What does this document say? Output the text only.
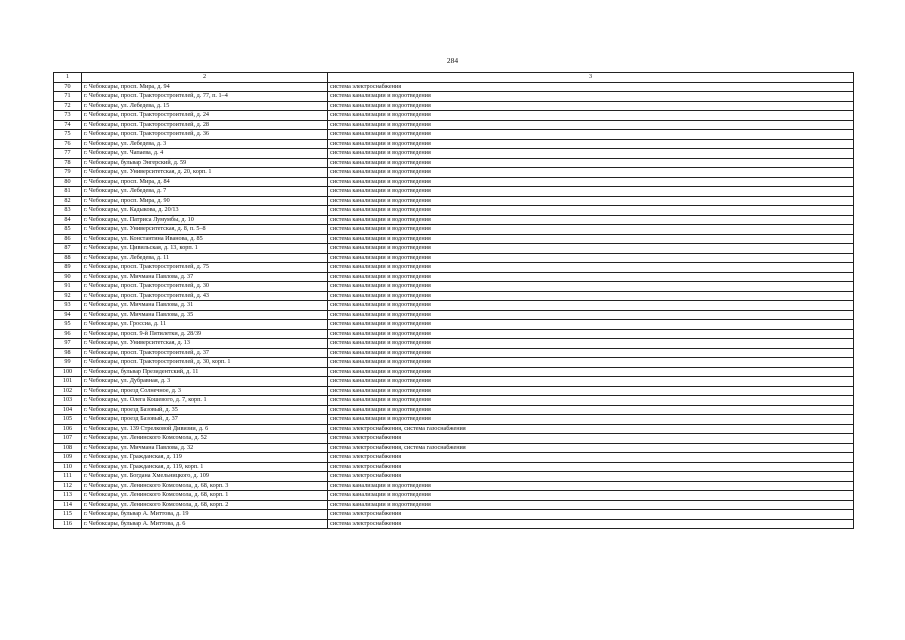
284
1	2	3
70	г. Чебоксары, просп. Мира, д. 94	система электроснабжения
71	г. Чебоксары, просп. Тракторостроителей, д. 77, п. 1–4	система канализации и водоотведения
72	г. Чебоксары, ул. Лебедева, д. 15	система канализации и водоотведения
73	г. Чебоксары, просп. Тракторостроителей, д. 24	система канализации и водоотведения
74	г. Чебоксары, просп. Тракторостроителей, д. 28	система канализации и водоотведения
75	г. Чебоксары, просп. Тракторостроителей, д. 36	система канализации и водоотведения
76	г. Чебоксары, ул. Лебедева, д. 3	система канализации и водоотведения
77	г. Чебоксары, ул. Чапаева, д. 4	система канализации и водоотведения
78	г. Чебоксары, бульвар Энгерский, д. 59	система канализации и водоотведения
79	г. Чебоксары, ул. Университетская, д. 20, корп. 1	система канализации и водоотведения
80	г. Чебоксары, просп. Мира, д. 84	система канализации и водоотведения
81	г. Чебоксары, ул. Лебедева, д. 7	система канализации и водоотведения
82	г. Чебоксары, просп. Мира, д. 90	система канализации и водоотведения
83	г. Чебоксары, ул. Кадыкова, д. 20/13	система канализации и водоотведения
84	г. Чебоксары, ул. Патриса Лумумбы, д. 10	система канализации и водоотведения
85	г. Чебоксары, ул. Университетская, д. 8, п. 5–8	система канализации и водоотведения
86	г. Чебоксары, ул. Константина Иванова, д. 85	система канализации и водоотведения
87	г. Чебоксары, ул. Цивильская, д. 13, корп. 1	система канализации и водоотведения
88	г. Чебоксары, ул. Лебедева, д. 11	система канализации и водоотведения
89	г. Чебоксары, просп. Тракторостроителей, д. 75	система канализации и водоотведения
90	г. Чебоксары, ул. Мичмана Павлова, д. 37	система канализации и водоотведения
91	г. Чебоксары, просп. Тракторостроителей, д. 30	система канализации и водоотведения
92	г. Чебоксары, просп. Тракторостроителей, д. 43	система канализации и водоотведения
93	г. Чебоксары, ул. Мичмана Павлова, д. 31	система канализации и водоотведения
94	г. Чебоксары, ул. Мичмана Павлова, д. 35	система канализации и водоотведения
95	г. Чебоксары, ул. Гроссиа, д. 11	система канализации и водоотведения
96	г. Чебоксары, просп. 9-й Пятилетки, д. 28/39	система канализации и водоотведения
97	г. Чебоксары, ул. Университетская, д. 13	система канализации и водоотведения
98	г. Чебоксары, просп. Тракторостроителей, д. 37	система канализации и водоотведения
99	г. Чебоксары, просп. Тракторостроителей, д. 30, корп. 1	система канализации и водоотведения
100	г. Чебоксары, бульвар Президентский, д. 11	система канализации и водоотведения
101	г. Чебоксары, ул. Дубравная, д. 3	система канализации и водоотведения
102	г. Чебоксары, проезд Солнечное, д. 3	система канализации и водоотведения
103	г. Чебоксары, ул. Олега Кошевого, д. 7, корп. 1	система канализации и водоотведения
104	г. Чебоксары, проезд Базовый, д. 35	система канализации и водоотведения
105	г. Чебоксары, проезд Базовый, д. 37	система канализации и водоотведения
106	г. Чебоксары, ул. 139 Стрелковой Дивизии, д. 6	система электроснабжения, система газоснабжения
107	г. Чебоксары, ул. Ленинского Комсомола, д. 52	система электроснабжения
108	г. Чебоксары, ул. Мичмана Павлова, д. 32	система электроснабжения, система газоснабжения
109	г. Чебоксары, ул. Гражданская, д. 119	система электроснабжения
110	г. Чебоксары, ул. Гражданская, д. 119, корп. 1	система электроснабжения
111	г. Чебоксары, ул. Богдана Хмельницкого, д. 109	система электроснабжения
112	г. Чебоксары, ул. Ленинского Комсомола, д. 68, корп. 3	система канализации и водоотведения
113	г. Чебоксары, ул. Ленинского Комсомола, д. 68, корп. 1	система канализации и водоотведения
114	г. Чебоксары, ул. Ленинского Комсомола, д. 68, корп. 2	система канализации и водоотведения
115	г. Чебоксары, бульвар А. Миттова, д. 19	система электроснабжения
116	г. Чебоксары, бульвар А. Миттова, д. 6	система электроснабжения
